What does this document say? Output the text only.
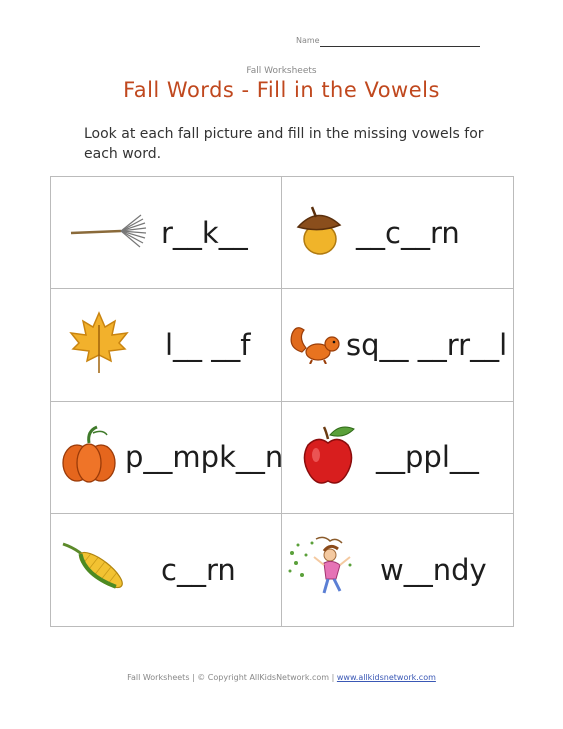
Name
Fall Worksheets
Fall Words - Fill in the Vowels
Look at each fall picture and fill in the missing vowels for each word.
r__k__	__c__rn
l__ __f	sq__ __rr__l
p__mpk__n	__ppl__
c__rn	w__ndy
Fall Worksheets | © Copyright AllKidsNetwork.com | www.allkidsnetwork.com
